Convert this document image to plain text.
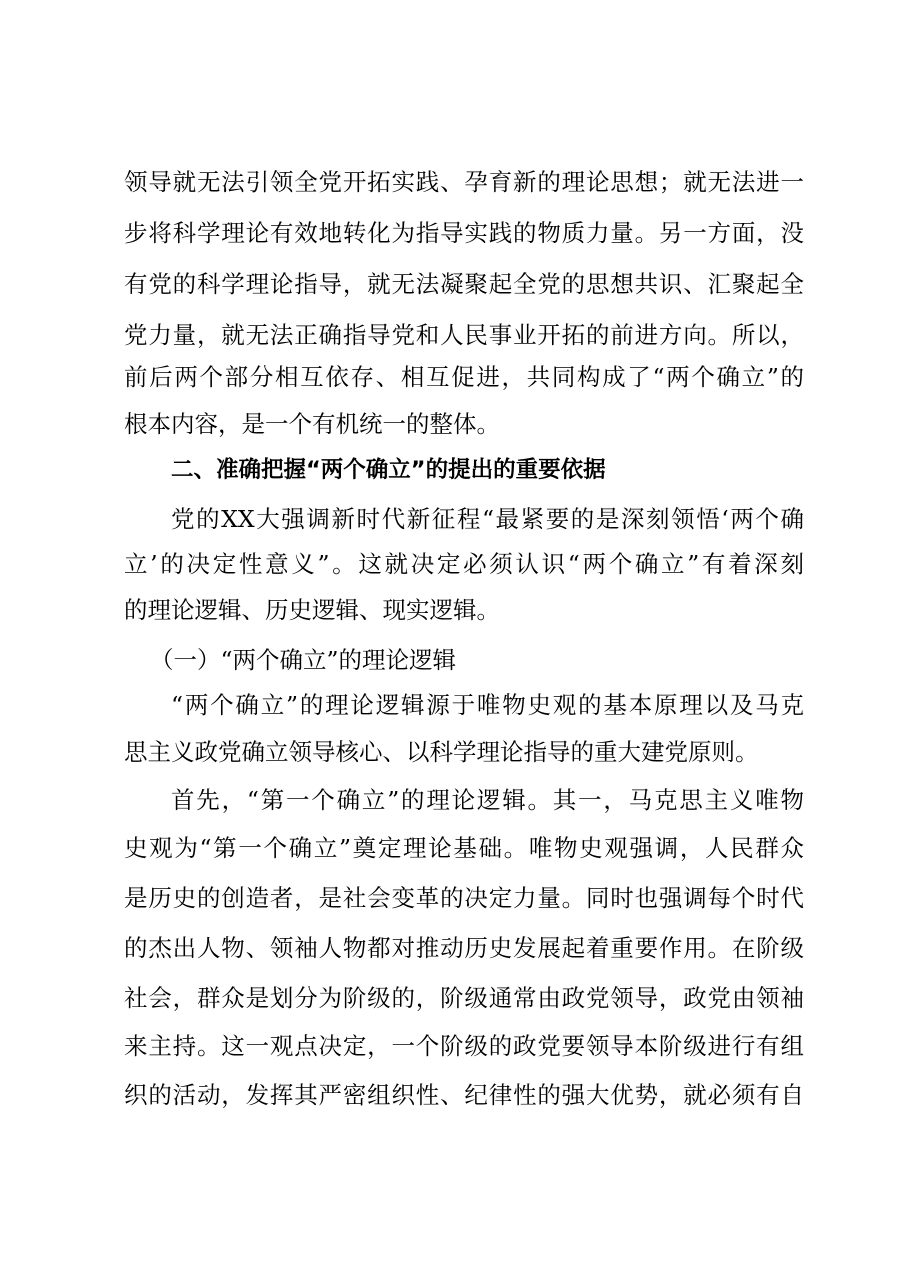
领导就无法引领全党开拓实践、孕育新的理论思想；就无法进一
步将科学理论有效地转化为指导实践的物质力量。另一方面，没
有党的科学理论指导，就无法凝聚起全党的思想共识、汇聚起全
党力量，就无法正确指导党和人民事业开拓的前进方向。所以，
前后两个部分相互依存、相互促进，共同构成了“两个确立”的
根本内容，是一个有机统一的整体。
二、准确把握“两个确立”的提出的重要依据
党的XX大强调新时代新征程“最紧要的是深刻领悟‘两个确
立’的决定性意义”。这就决定必须认识“两个确立”有着深刻
的理论逻辑、历史逻辑、现实逻辑。
（一）“两个确立”的理论逻辑
“两个确立”的理论逻辑源于唯物史观的基本原理以及马克
思主义政党确立领导核心、以科学理论指导的重大建党原则。
首先，“第一个确立”的理论逻辑。其一，马克思主义唯物
史观为“第一个确立”奠定理论基础。唯物史观强调，人民群众
是历史的创造者，是社会变革的决定力量。同时也强调每个时代
的杰出人物、领袖人物都对推动历史发展起着重要作用。在阶级
社会，群众是划分为阶级的，阶级通常由政党领导，政党由领袖
来主持。这一观点决定，一个阶级的政党要领导本阶级进行有组
织的活动，发挥其严密组织性、纪律性的强大优势，就必须有自
